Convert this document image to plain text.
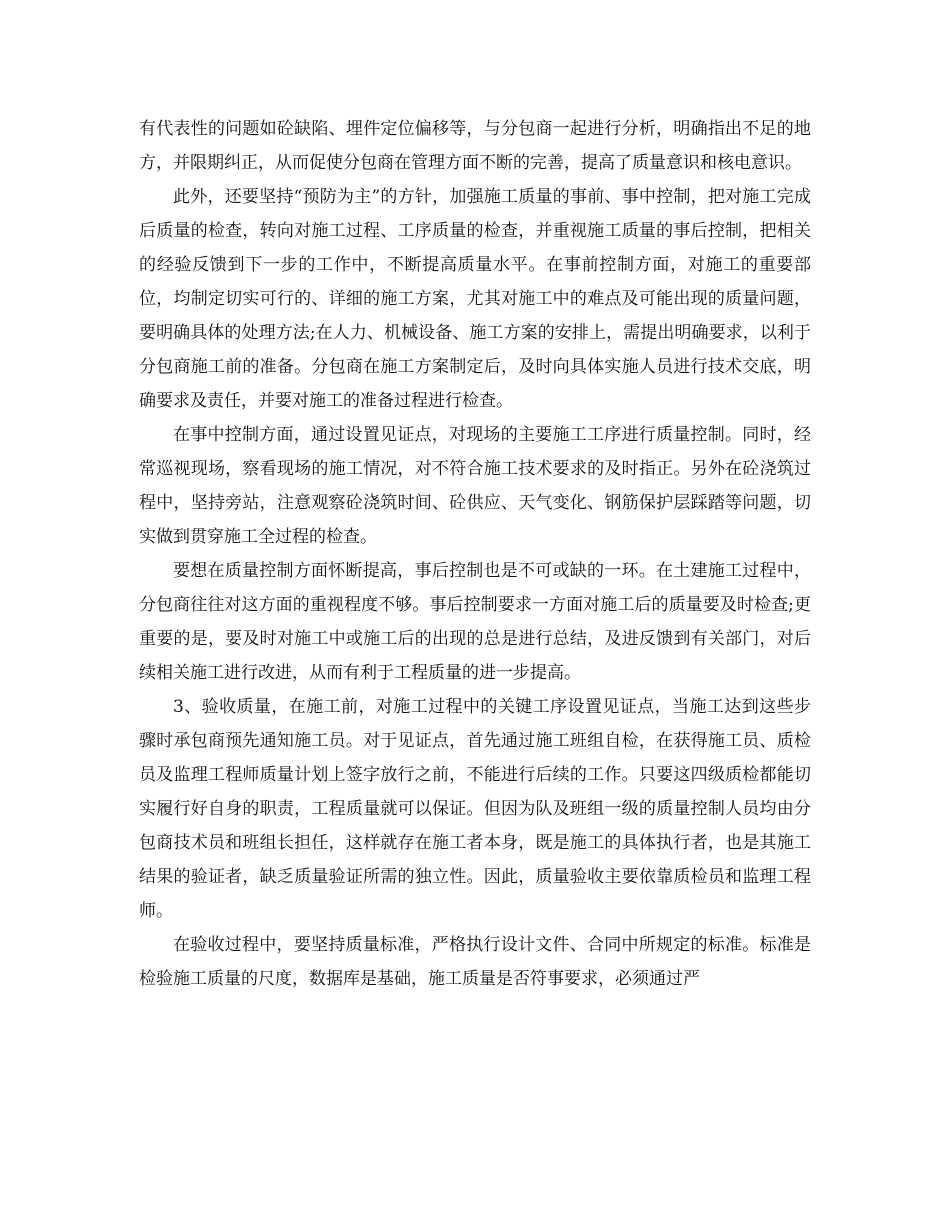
有代表性的问题如砼缺陷、埋件定位偏移等，与分包商一起进行分析，明确指出不足的地方，并限期纠正，从而促使分包商在管理方面不断的完善，提高了质量意识和核电意识。

此外，还要坚持“预防为主”的方针，加强施工质量的事前、事中控制，把对施工完成后质量的检查，转向对施工过程、工序质量的检查，并重视施工质量的事后控制，把相关的经验反馈到下一步的工作中，不断提高质量水平。在事前控制方面，对施工的重要部位，均制定切实可行的、详细的施工方案，尤其对施工中的难点及可能出现的质量问题，要明确具体的处理方法;在人力、机械设备、施工方案的安排上，需提出明确要求，以利于分包商施工前的准备。分包商在施工方案制定后，及时向具体实施人员进行技术交底，明确要求及责任，并要对施工的准备过程进行检查。

在事中控制方面，通过设置见证点，对现场的主要施工工序进行质量控制。同时，经常巡视现场，察看现场的施工情况，对不符合施工技术要求的及时指正。另外在砼浇筑过程中，坚持旁站，注意观察砼浇筑时间、砼供应、天气变化、钢筋保护层踩踏等问题，切实做到贯穿施工全过程的检查。

要想在质量控制方面怀断提高，事后控制也是不可或缺的一环。在土建施工过程中，分包商往往对这方面的重视程度不够。事后控制要求一方面对施工后的质量要及时检查;更重要的是，要及时对施工中或施工后的出现的总是进行总结，及进反馈到有关部门，对后续相关施工进行改进，从而有利于工程质量的进一步提高。

3、验收质量，在施工前，对施工过程中的关键工序设置见证点，当施工达到这些步骤时承包商预先通知施工员。对于见证点，首先通过施工班组自检，在获得施工员、质检员及监理工程师质量计划上签字放行之前，不能进行后续的工作。只要这四级质检都能切实履行好自身的职责，工程质量就可以保证。但因为队及班组一级的质量控制人员均由分包商技术员和班组长担任，这样就存在施工者本身，既是施工的具体执行者，也是其施工结果的验证者，缺乏质量验证所需的独立性。因此，质量验收主要依靠质检员和监理工程师。

在验收过程中，要坚持质量标准，严格执行设计文件、合同中所规定的标准。标准是检验施工质量的尺度，数据库是基础，施工质量是否符事要求，必须通过严
